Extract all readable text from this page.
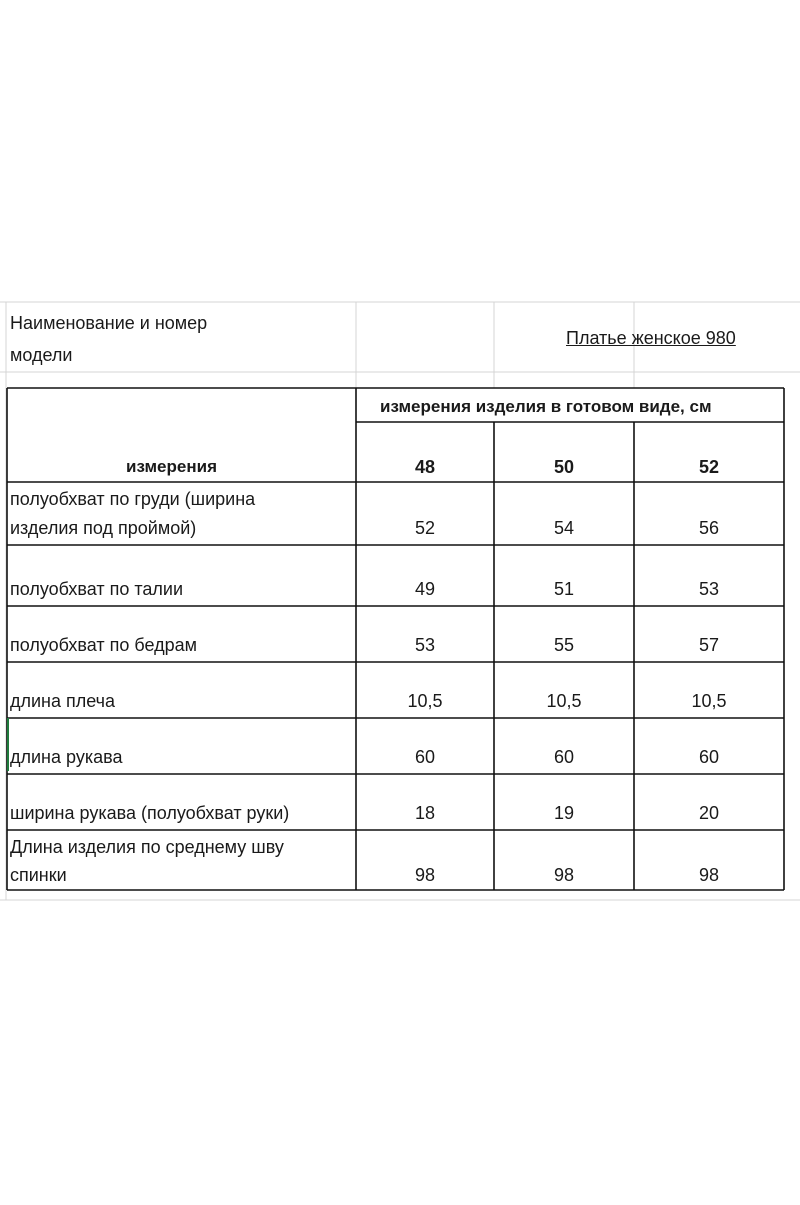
Наименование и номер
модели
Платье женское 980
измерения изделия в готовом виде, см
измерения	48	50	52
полуобхват по груди (ширина
изделия под проймой)	52	54	56
полуобхват по талии	49	51	53
полуобхват по бедрам	53	55	57
длина плеча	10,5	10,5	10,5
длина рукава	60	60	60
ширина рукава (полуобхват руки)	18	19	20
Длина изделия по среднему шву
спинки	98	98	98
